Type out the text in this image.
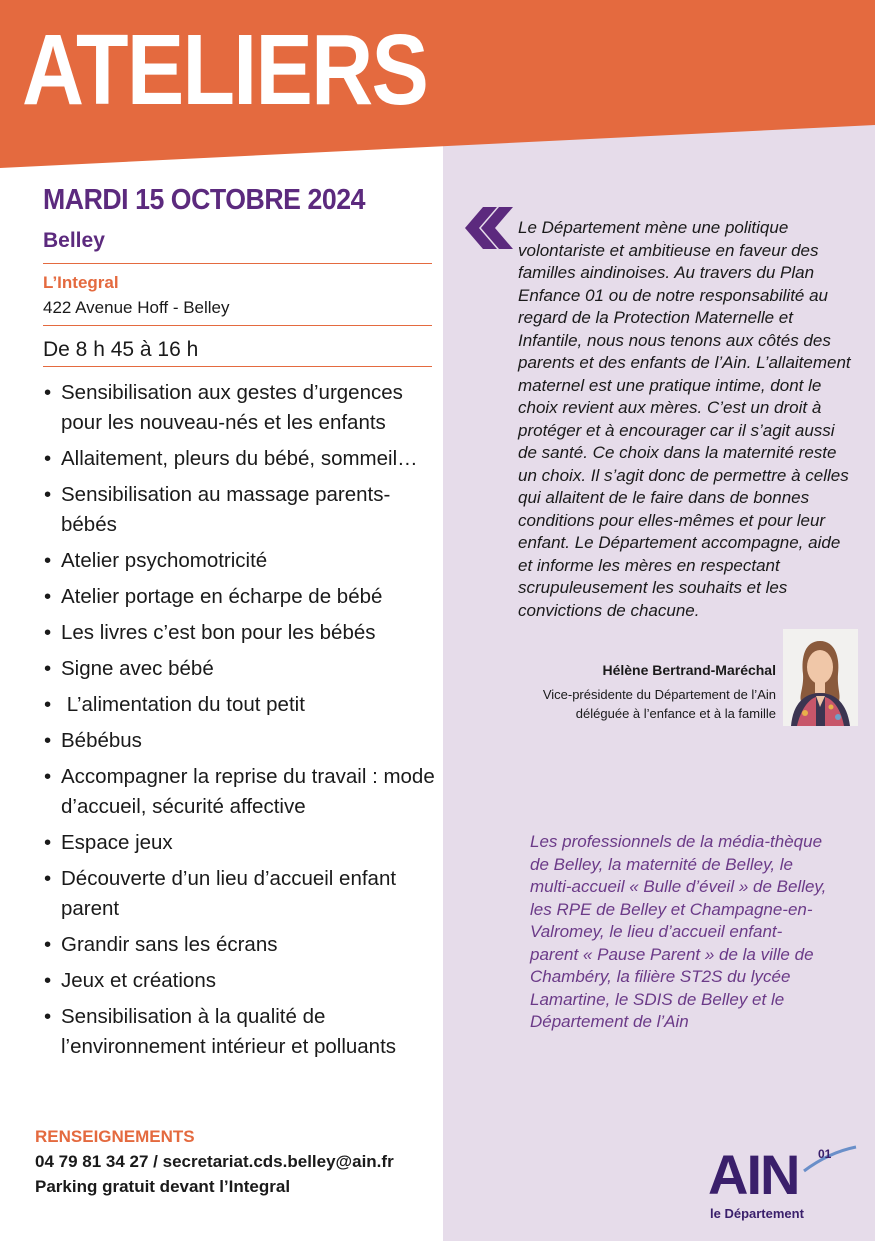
ATELIERS
MARDI 15 OCTOBRE 2024
Belley
L’Integral
422 Avenue Hoff - Belley
De 8 h 45 à 16 h
• Sensibilisation aux gestes d’urgences pour les nouveau-nés et les enfants
• Allaitement, pleurs du bébé, sommeil…
• Sensibilisation au massage parents-bébés
• Atelier psychomotricité
• Atelier portage en écharpe de bébé
• Les livres c’est bon pour les bébés
• Signe avec bébé
•  L’alimentation du tout petit
• Bébébus
• Accompagner la reprise du travail : mode d’accueil, sécurité affective
• Espace jeux
• Découverte d’un lieu d’accueil enfant parent
• Grandir sans les écrans
• Jeux et créations
• Sensibilisation à la qualité de l’environnement intérieur et polluants
RENSEIGNEMENTS
04 79 81 34 27 / secretariat.cds.belley@ain.fr
Parking gratuit devant l’Integral

Le Département mène une politique volontariste et ambitieuse en faveur des familles aindinoises. Au travers du Plan Enfance 01 ou de notre responsabilité au regard de la Protection Maternelle et Infantile, nous nous tenons aux côtés des parents et des enfants de l’Ain. L’allaitement maternel est une pratique intime, dont le choix revient aux mères. C’est un droit à protéger et à encourager car il s’agit aussi de santé. Ce choix dans la maternité reste un choix. Il s’agit donc de permettre à celles qui allaitent de le faire dans de bonnes conditions pour elles-mêmes et pour leur enfant. Le Département accompagne, aide et informe les mères en respectant scrupuleusement les souhaits et les convictions de chacune.

Hélène Bertrand-Maréchal
Vice-présidente du Département de l’Ain
déléguée à l’enfance et à la famille

Les professionnels de la média-thèque de Belley, la maternité de Belley, le multi-accueil « Bulle d’éveil » de Belley, les RPE de Belley et Champagne-en-Valromey, le lieu d’accueil enfant-parent « Pause Parent » de la ville de Chambéry, la filière ST2S du lycée Lamartine, le SDIS de Belley et le Département de l’Ain

AIN 01
le Département
